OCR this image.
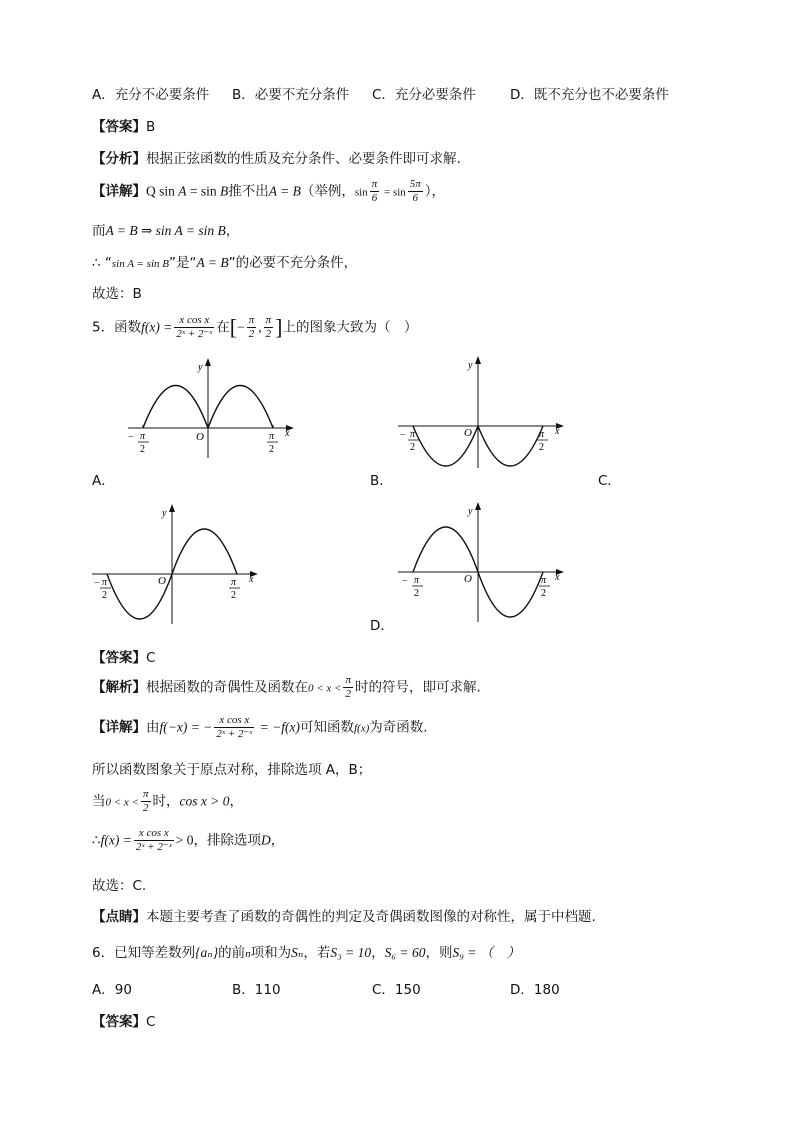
A．充分不必要条件 B．必要不充分条件 C．充分必要条件	D．既不充分也不必要条件
【答案】B
【分析】根据正弦函数的性质及充分条件、必要条件即可求解.
【详解】Q sin A = sin B推不出A = B（举例，$\sin \frac{\pi}{6} = \sin \frac{5\pi}{6}$ ），
而A = B ⇒ sin A = sin B，
∴ “sin A = sin B”是“A = B”的必要不充分条件，
故选：B
5．函数$f(x) = \frac{\text{x cos x}}{\text{2ˣ + 2⁻ˣ}}$ 在[− $\frac{\pi}{2}$ , $\frac{\pi}{2}$ ]上的图象大致为（　）
x
y
O
− π
2
π
2
A．
x
y
O
− π
2
π
2
B．	C．
x
y
O
− π
2
π
2
x
y
O
− π
2
π
2
D．
【答案】C
【解析】根据函数的奇偶性及函数在$0 < x < \frac{\pi}{2}$ 时的符号，即可求解.
【详解】由f(−x) = − $\frac{\text{x cos x}}{\text{2ˣ + 2⁻ˣ}} = -f(x)$可知函数f(x)为奇函数.
所以函数图象关于原点对称，排除选项 A，B；
当$0 < x < \frac{\pi}{2}$ 时，cos x > 0，
∴f(x) = $\frac{\text{x cos x}}{\text{2ˣ + 2⁻ˣ}} > 0$，排除选项D，
故选：C.
【点睛】本题主要考查了函数的奇偶性的判定及奇偶函数图像的对称性，属于中档题.
6．已知等差数列{aₙ}的前n项和为Sₙ，若S₃ = 10，S₆ = 60，则S₉ = （　）
A．90	B．110	C．150	D．180
【答案】C
